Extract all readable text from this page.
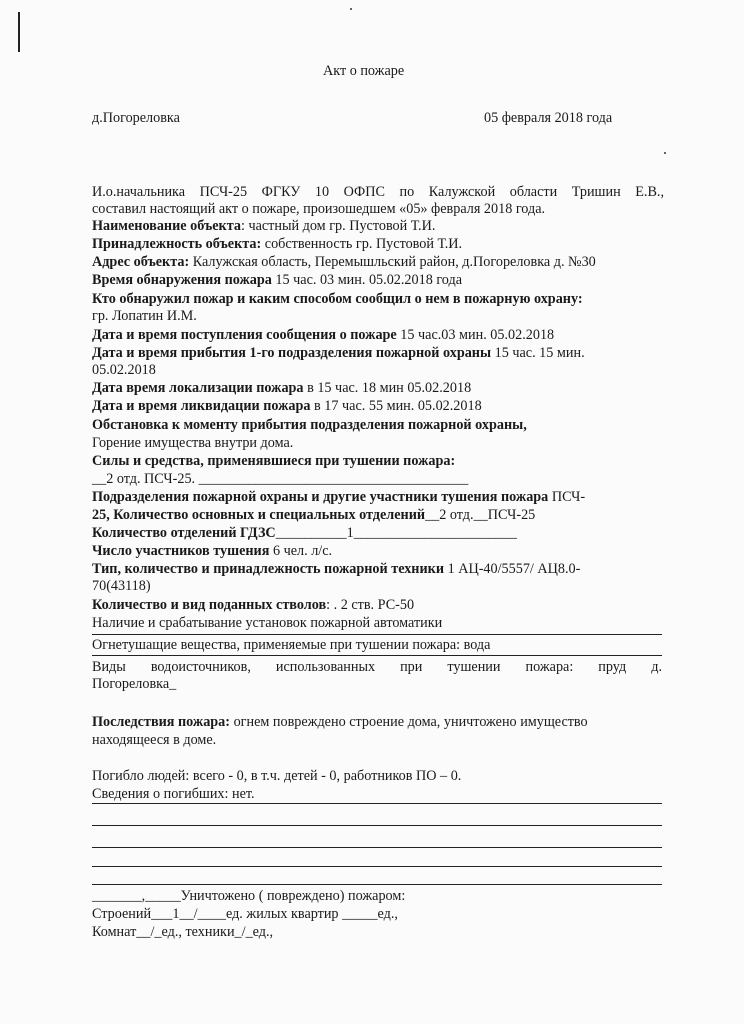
Акт о пожаре
д.Погореловка	05 февраля 2018 года
И.о.начальника ПСЧ-25 ФГКУ 10 ОФПС по Калужской области Тришин Е.В.,
составил настоящий акт о пожаре, произошедшем «05» февраля 2018 года.
Наименование объекта: частный дом гр. Пустовой Т.И.
Принадлежность объекта: собственность гр. Пустовой Т.И.
Адрес объекта: Калужская область, Перемышльский район, д.Погореловка д. №30
Время обнаружения пожара 15 час. 03 мин. 05.02.2018 года
Кто обнаружил пожар и каким способом сообщил о нем в пожарную охрану:
гр. Лопатин И.М.
Дата и время поступления сообщения о пожаре 15 час.03 мин. 05.02.2018
Дата и время прибытия 1-го подразделения пожарной охраны 15 час. 15 мин.
05.02.2018
Дата время локализации пожара в 15 час. 18 мин 05.02.2018
Дата и время ликвидации пожара в 17 час. 55 мин. 05.02.2018
Обстановка к моменту прибытия подразделения пожарной охраны,
Горение имущества внутри дома.
Силы и средства, применявшиеся при тушении пожара:
__2 отд. ПСЧ-25. ______________________________________
Подразделения пожарной охраны и другие участники тушения пожара ПСЧ-
25, Количество основных и специальных отделений__2 отд.__ПСЧ-25
Количество отделений ГДЗС__________1_______________________
Число участников тушения 6 чел. л/с.
Тип, количество и принадлежность пожарной техники 1 АЦ-40/5557/ АЦ8.0-
70(43118)
Количество и вид поданных стволов: . 2 ств. РС-50
Наличие и срабатывание установок пожарной автоматики
Огнетушащие вещества, применяемые при тушении пожара: вода
Виды водоисточников, использованных при тушении пожара: пруд д.
Погореловка_
Последствия пожара: огнем повреждено строение дома, уничтожено имущество
находящееся в доме.
Погибло людей: всего - 0, в т.ч. детей - 0, работников ПО – 0.
Сведения о погибших: нет.
_______,_____Уничтожено ( повреждено) пожаром:
Строений___1__/____ед. жилых квартир _____ед.,
Комнат__/_ед., техники_/_ед.,
